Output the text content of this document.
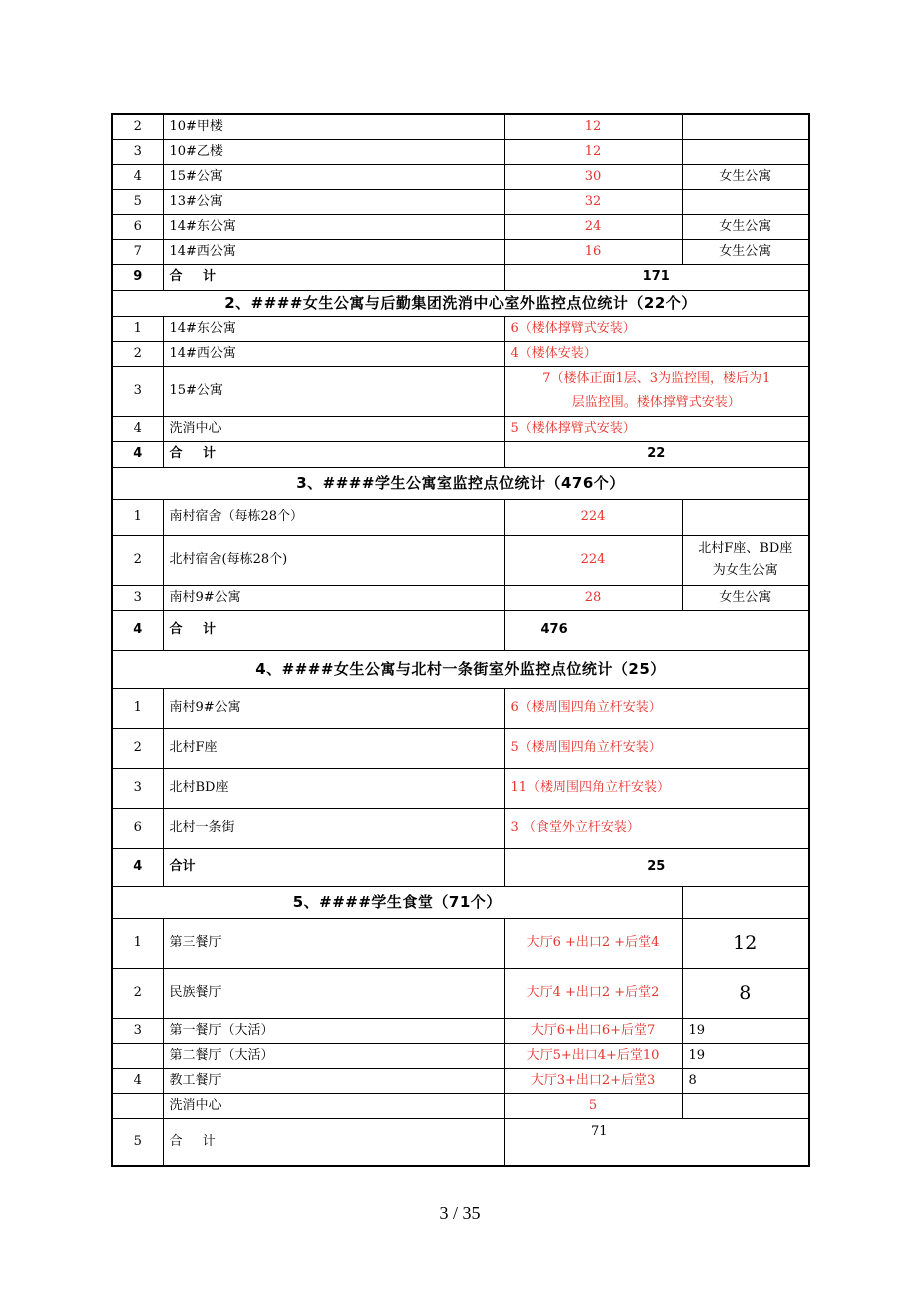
2	10#甲楼	12	
3	10#乙楼	12	
4	15#公寓	30	女生公寓
5	13#公寓	32	
6	14#东公寓	24	女生公寓
7	14#西公寓	16	女生公寓
9	合 计	171	
2、####女生公寓与后勤集团洗消中心室外监控点位统计（22个）			
1	14#东公寓	6（楼体撑臂式安装）	
2	14#西公寓	4（楼体安装）	
3	15#公寓	7（楼体正面1层、3为监控围，楼后为1
层监控围。楼体撑臂式安装）	

4	洗消中心	5（楼体撑臂式安装）	
4	合 计	22	
3、####学生公寓室监控点位统计（476个）			
1	南村宿舍（每栋28个）	224	
2	北村宿舍(每栋28个)	224	北村F座、BD座
为女生公寓

3	南村9#公寓	28	女生公寓
4	合 计	476	
4、####女生公寓与北村一条街室外监控点位统计（25）			
1	南村9#公寓	6（楼周围四角立杆安装）	
2	北村F座	5（楼周围四角立杆安装）	
3	北村BD座	11（楼周围四角立杆安装）	
6	北村一条街	3 （食堂外立杆安装）	
4	合计	25	
5、####学生食堂（71个）			
1	第三餐厅	大厅6 +出口2 +后堂4	12
2	民族餐厅	大厅4 +出口2 +后堂2	8
3	第一餐厅（大活）	大厅6+出口6+后堂7	19
	第二餐厅（大活）	大厅5+出口4+后堂10	19
4	教工餐厅	大厅3+出口2+后堂3	8
	洗消中心	5	
5	合 计	71	
3 / 35
